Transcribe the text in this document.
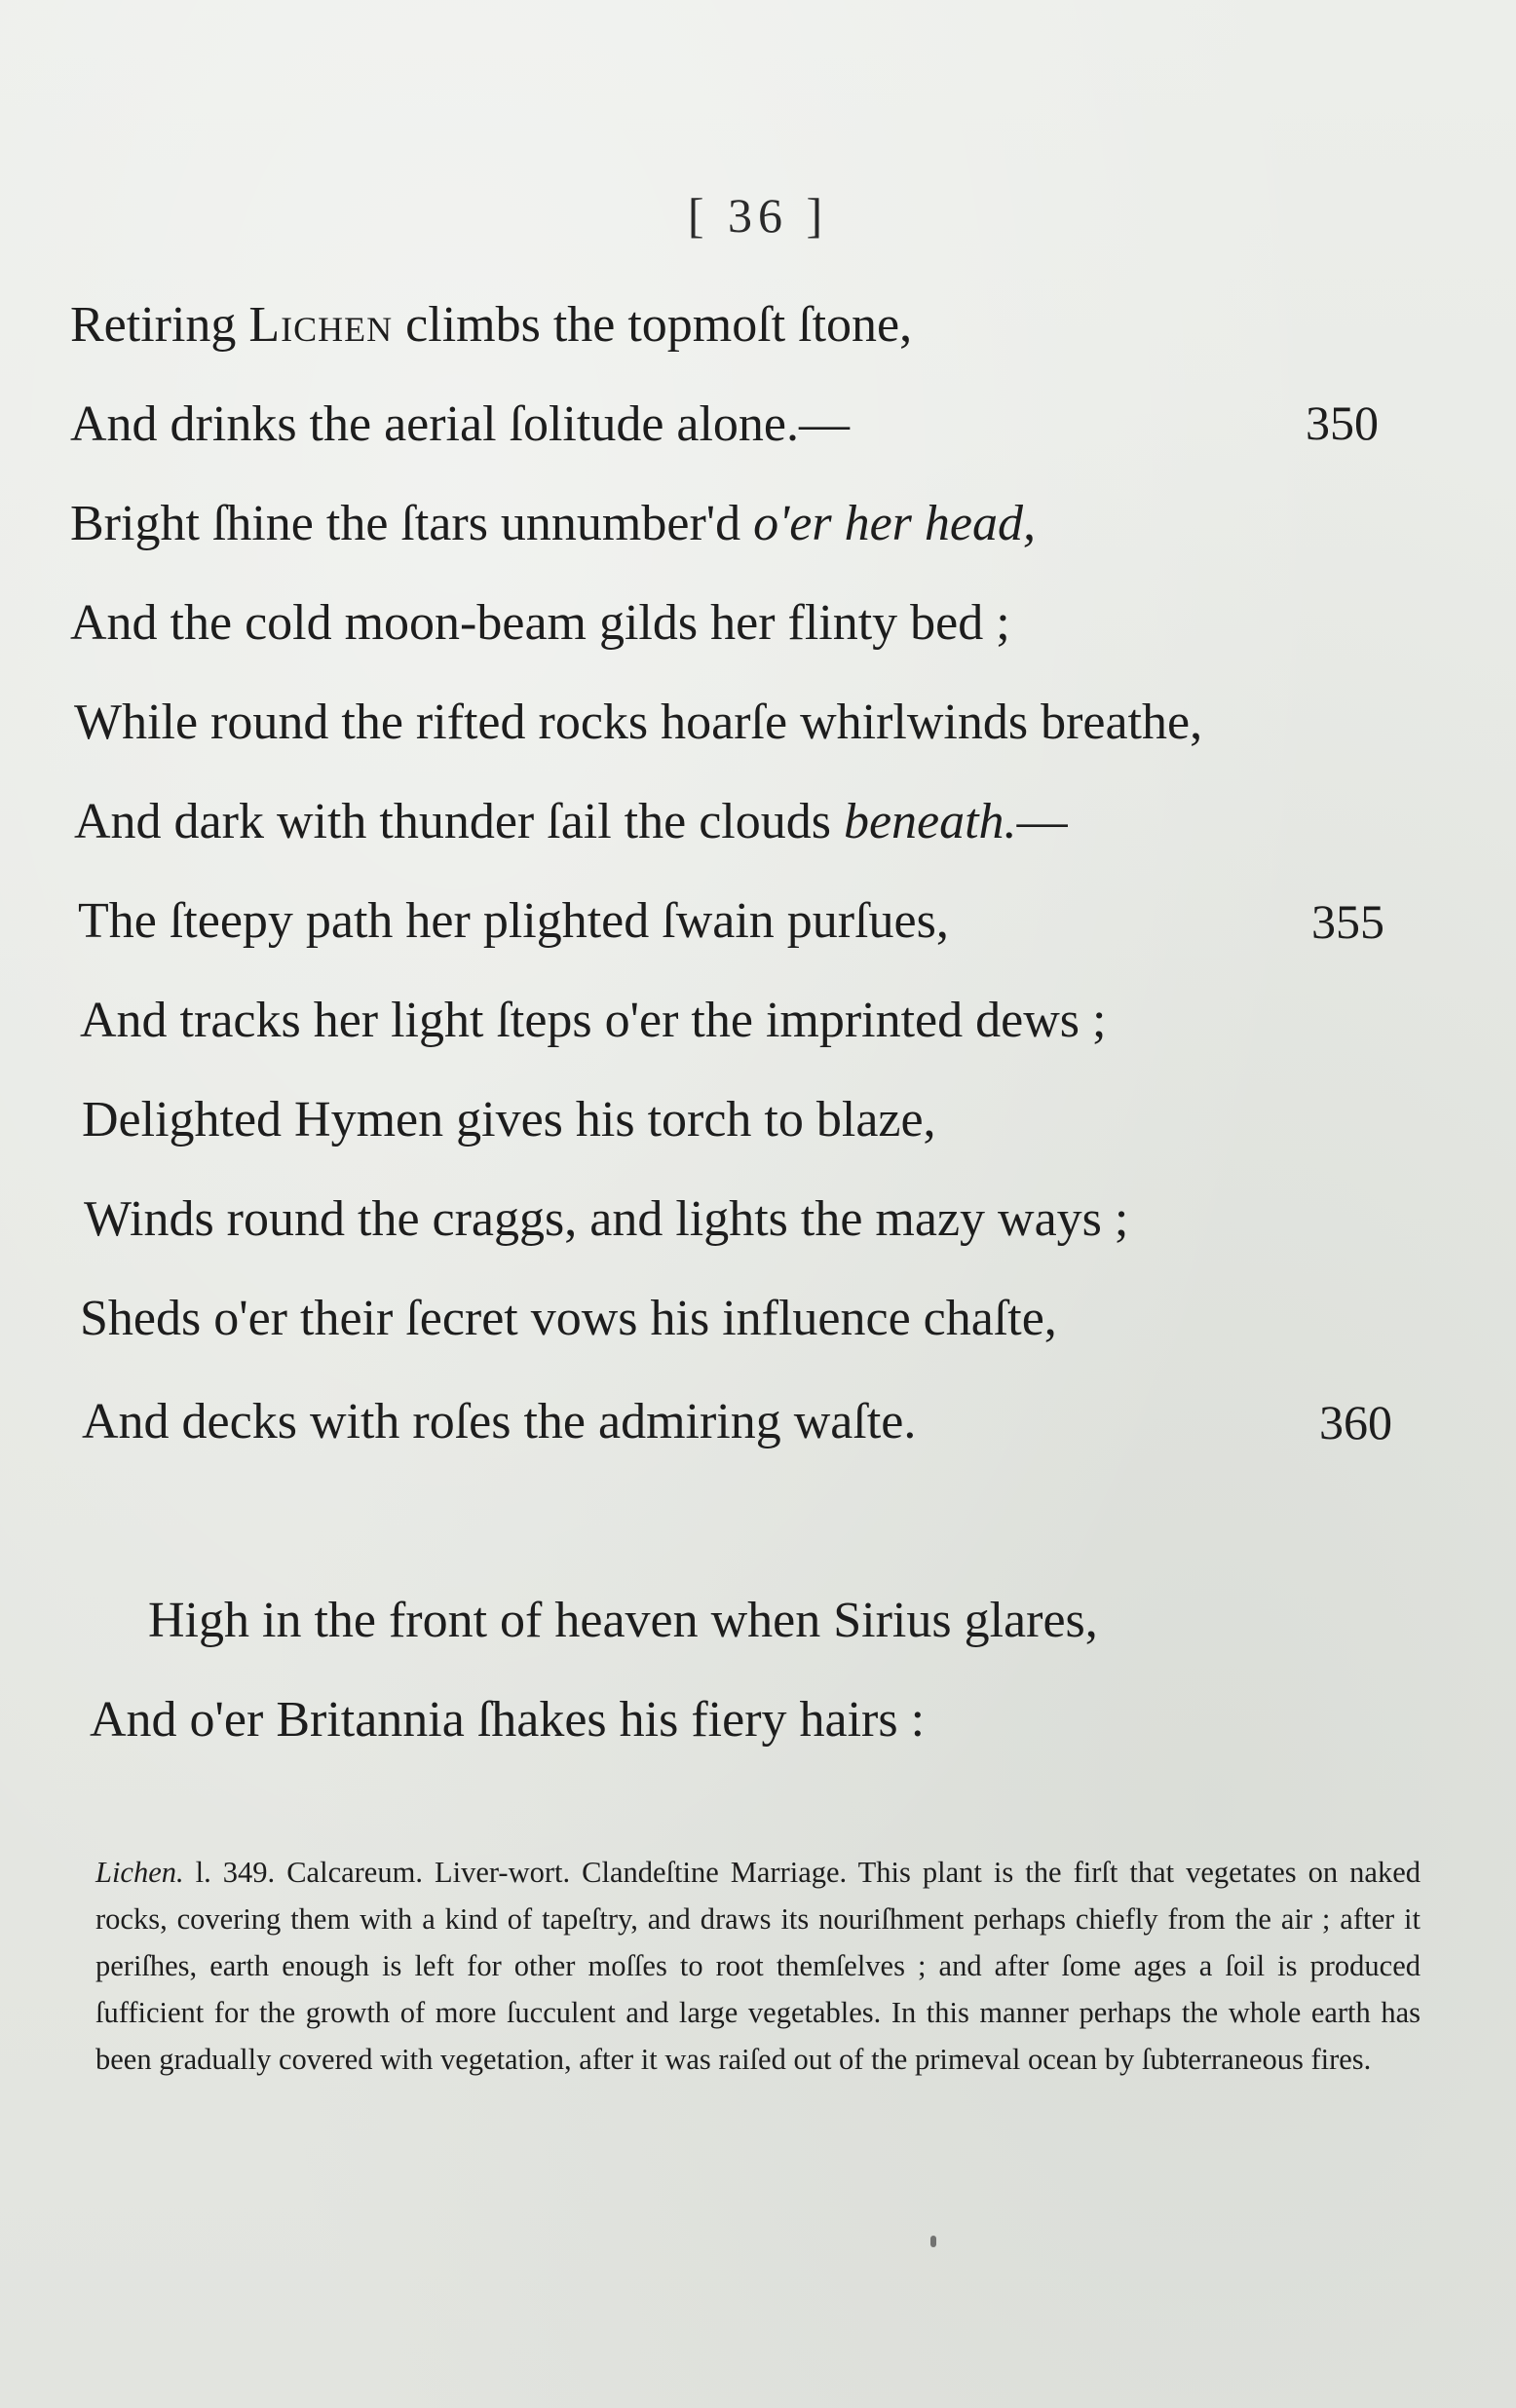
[ 36 ]
Retiring Lichen climbs the topmoſt ſtone,
And drinks the aerial ſolitude alone.—	350
Bright ſhine the ſtars unnumber'd o'er her head,
And the cold moon-beam gilds her flinty bed ;
While round the rifted rocks hoarſe whirlwinds breathe,
And dark with thunder ſail the clouds beneath.—
The ſteepy path her plighted ſwain purſues,	355
And tracks her light ſteps o'er the imprinted dews ;
Delighted Hymen gives his torch to blaze,
Winds round the craggs, and lights the mazy ways ;
Sheds o'er their ſecret vows his influence chaſte,
And decks with roſes the admiring waſte.	360
High in the front of heaven when Sirius glares,
And o'er Britannia ſhakes his fiery hairs :
Lichen. l. 349. Calcareum. Liver-wort. Clandeſtine Marriage. This plant is the firſt that vegetates on naked rocks, covering them with a kind of tapeſtry, and draws its nouriſhment perhaps chiefly from the air ; after it periſhes, earth enough is left for other moſſes to root themſelves ; and after ſome ages a ſoil is produced ſufficient for the growth of more ſucculent and large vegetables. In this manner perhaps the whole earth has been gradually covered with vegetation, after it was raiſed out of the primeval ocean by ſubterraneous fires.
